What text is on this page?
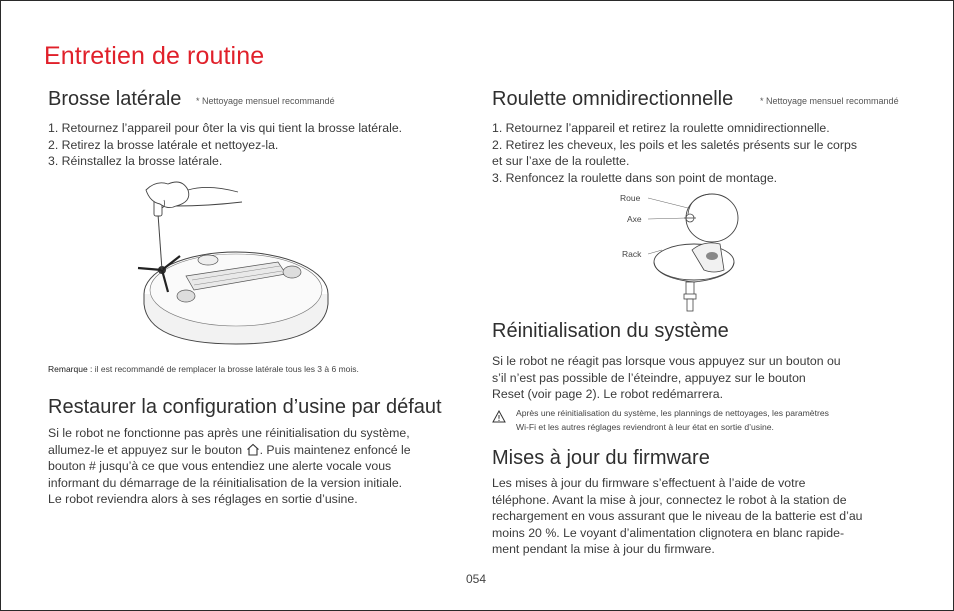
Entretien de routine
Brosse latérale * Nettoyage mensuel recommandé
1. Retournez l’appareil pour ôter la vis qui tient la brosse latérale.
2. Retirez la brosse latérale et nettoyez-la.
3. Réinstallez la brosse latérale.
Remarque : il est recommandé de remplacer la brosse latérale tous les 3 à 6 mois.
Restaurer la configuration d’usine par défaut
Si le robot ne fonctionne pas après une réinitialisation du système,
allumez-le et appuyez sur le bouton . Puis maintenez enfoncé le
bouton # jusqu’à ce que vous entendiez une alerte vocale vous
informant du démarrage de la réinitialisation de la version initiale.
Le robot reviendra alors à ses réglages en sortie d’usine.
Roulette omnidirectionnelle	* Nettoyage mensuel recommandé
1. Retournez l’appareil et retirez la roulette omnidirectionnelle.
2. Retirez les cheveux, les poils et les saletés présents sur le corps
et sur l’axe de la roulette.
3. Renfoncez la roulette dans son point de montage.
Roue
Axe
Rack
Réinitialisation du système
Si le robot ne réagit pas lorsque vous appuyez sur un bouton ou
s’il n’est pas possible de l’éteindre, appuyez sur le bouton
Reset (voir page 2). Le robot redémarrera.
Après une réinitialisation du système, les plannings de nettoyages, les paramètres
Wi-Fi et les autres réglages reviendront à leur état en sortie d’usine.
Mises à jour du firmware
Les mises à jour du firmware s’effectuent à l’aide de votre
téléphone. Avant la mise à jour, connectez le robot à la station de
rechargement en vous assurant que le niveau de la batterie est d’au
moins 20 %. Le voyant d’alimentation clignotera en blanc rapide-
ment pendant la mise à jour du firmware.
054
